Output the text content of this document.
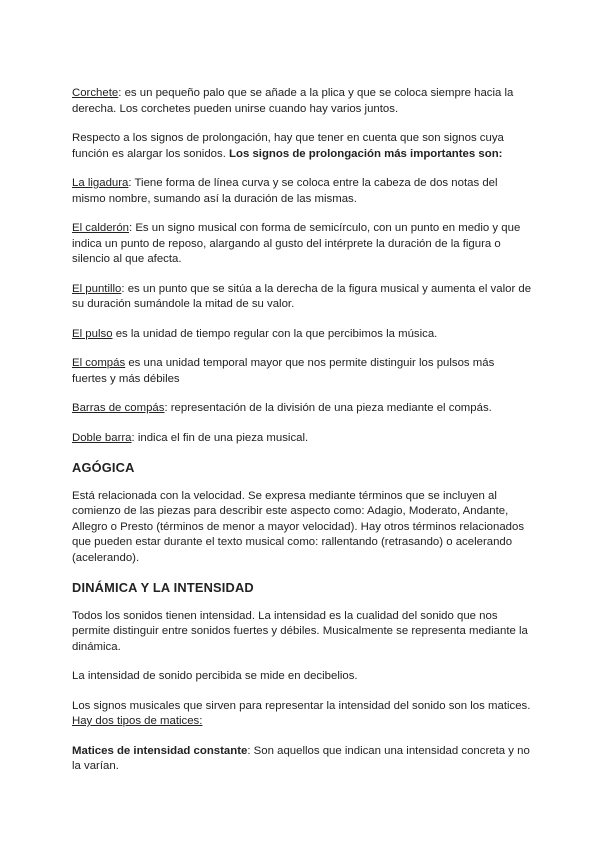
Corchete: es un pequeño palo que se añade a la plica y que se coloca siempre hacia la derecha. Los corchetes pueden unirse cuando hay varios juntos.

Respecto a los signos de prolongación, hay que tener en cuenta que son signos cuya función es alargar los sonidos. Los signos de prolongación más importantes son:

La ligadura: Tiene forma de línea curva y se coloca entre la cabeza de dos notas del mismo nombre, sumando así la duración de las mismas.

El calderón: Es un signo musical con forma de semicírculo, con un punto en medio y que indica un punto de reposo, alargando al gusto del intérprete la duración de la figura o silencio al que afecta.

El puntillo: es un punto que se sitúa a la derecha de la figura musical y aumenta el valor de su duración sumándole la mitad de su valor.

El pulso es la unidad de tiempo regular con la que percibimos la música.

El compás es una unidad temporal mayor que nos permite distinguir los pulsos más fuertes y más débiles

Barras de compás: representación de la división de una pieza mediante el compás.

Doble barra: indica el fin de una pieza musical.

AGÓGICA

Está relacionada con la velocidad. Se expresa mediante términos que se incluyen al comienzo de las piezas para describir este aspecto como: Adagio, Moderato, Andante, Allegro o Presto (términos de menor a mayor velocidad). Hay otros términos relacionados que pueden estar durante el texto musical como: rallentando (retrasando) o acelerando (acelerando).

DINÁMICA Y LA INTENSIDAD

Todos los sonidos tienen intensidad. La intensidad es la cualidad del sonido que nos permite distinguir entre sonidos fuertes y débiles. Musicalmente se representa mediante la dinámica.

La intensidad de sonido percibida se mide en decibelios.

Los signos musicales que sirven para representar la intensidad del sonido son los matices.
Hay dos tipos de matices:

Matices de intensidad constante: Son aquellos que indican una intensidad concreta y no la varían.
